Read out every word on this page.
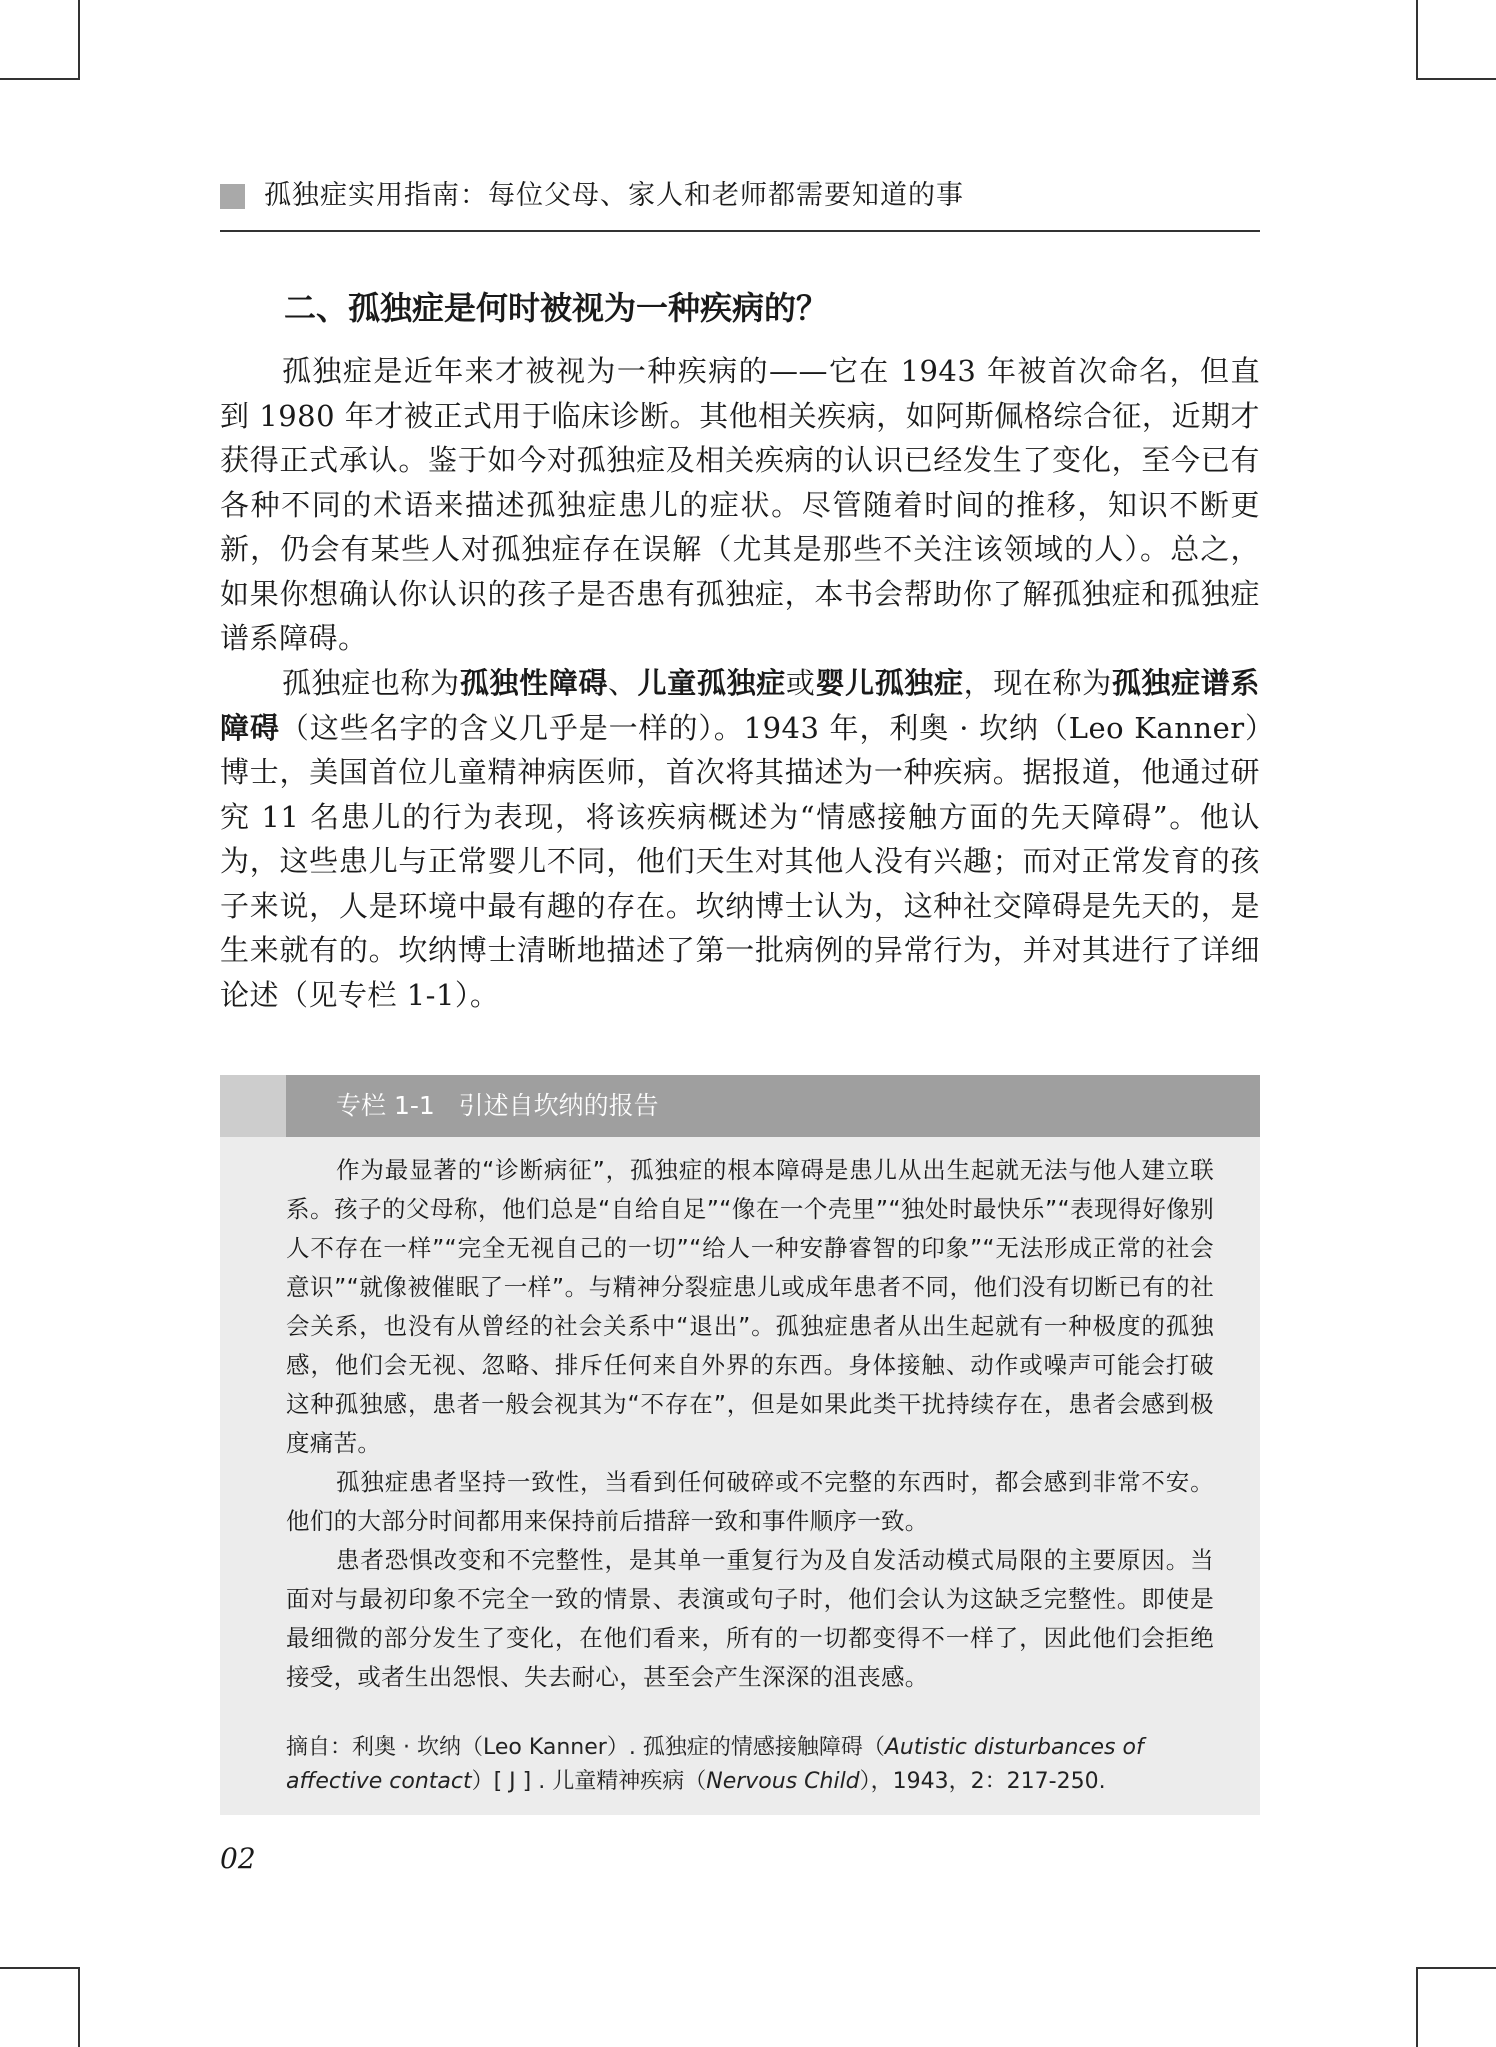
孤独症实用指南：每位父母、家人和老师都需要知道的事
二、孤独症是何时被视为一种疾病的？

孤独症是近年来才被视为一种疾病的——它在 1943 年被首次命名，但直到 1980 年才被正式用于临床诊断。其他相关疾病，如阿斯佩格综合征，近期才获得正式承认。鉴于如今对孤独症及相关疾病的认识已经发生了变化，至今已有各种不同的术语来描述孤独症患儿的症状。尽管随着时间的推移，知识不断更新，仍会有某些人对孤独症存在误解（尤其是那些不关注该领域的人）。总之，如果你想确认你认识的孩子是否患有孤独症，本书会帮助你了解孤独症和孤独症谱系障碍。

孤独症也称为孤独性障碍、儿童孤独症或婴儿孤独症，现在称为孤独症谱系障碍（这些名字的含义几乎是一样的）。1943 年，利奥 · 坎纳（Leo Kanner）博士，美国首位儿童精神病医师，首次将其描述为一种疾病。据报道，他通过研究 11 名患儿的行为表现，将该疾病概述为“情感接触方面的先天障碍”。他认为，这些患儿与正常婴儿不同，他们天生对其他人没有兴趣；而对正常发育的孩子来说，人是环境中最有趣的存在。坎纳博士认为，这种社交障碍是先天的，是生来就有的。坎纳博士清晰地描述了第一批病例的异常行为，并对其进行了详细论述（见专栏 1-1）。

专栏 1-1   引述自坎纳的报告

作为最显著的“诊断病征”，孤独症的根本障碍是患儿从出生起就无法与他人建立联系。孩子的父母称，他们总是“自给自足”“像在一个壳里”“独处时最快乐”“表现得好像别人不存在一样”“完全无视自己的一切”“给人一种安静睿智的印象”“无法形成正常的社会意识”“就像被催眠了一样”。与精神分裂症患儿或成年患者不同，他们没有切断已有的社会关系，也没有从曾经的社会关系中“退出”。孤独症患者从出生起就有一种极度的孤独感，他们会无视、忽略、排斥任何来自外界的东西。身体接触、动作或噪声可能会打破这种孤独感，患者一般会视其为“不存在”，但是如果此类干扰持续存在，患者会感到极度痛苦。

孤独症患者坚持一致性，当看到任何破碎或不完整的东西时，都会感到非常不安。他们的大部分时间都用来保持前后措辞一致和事件顺序一致。

患者恐惧改变和不完整性，是其单一重复行为及自发活动模式局限的主要原因。当面对与最初印象不完全一致的情景、表演或句子时，他们会认为这缺乏完整性。即使是最细微的部分发生了变化，在他们看来，所有的一切都变得不一样了，因此他们会拒绝接受，或者生出怨恨、失去耐心，甚至会产生深深的沮丧感。

摘自：利奥 · 坎纳（Leo Kanner）. 孤独症的情感接触障碍（Autistic disturbances of affective contact）[ J ] . 儿童精神疾病（Nervous Child），1943，2：217-250.
02
